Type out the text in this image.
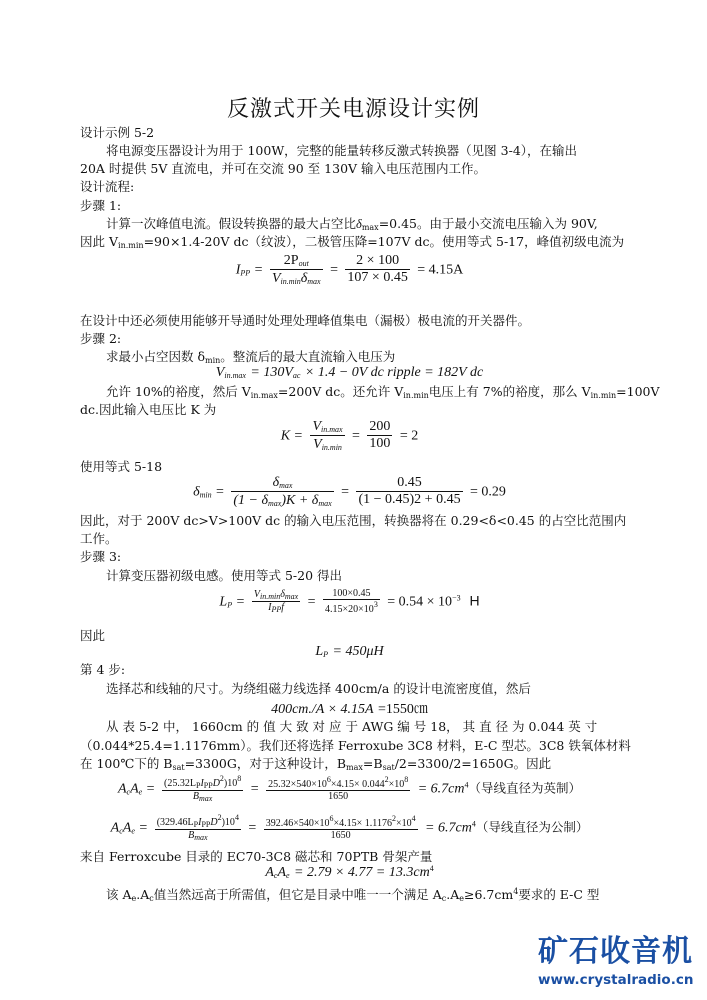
反激式开关电源设计实例
设计示例 5-2
将电源变压器设计为用于 100W，完整的能量转移反激式转换器（见图 3-4），在输出
20A 时提供 5V 直流电，并可在交流 90 至 130V 输入电压范围内工作。
设计流程:
步骤 1:
计算一次峰值电流。假设转换器的最大占空比$\delta_{max}=0.45$。由于最小交流电压输入为 90V,
因此 $V_{in.min}=90\times 1.4-20V$ dc（纹波），二极管压降=107V dc。使用等式 5-17，峰值初级电流为
$I_{PP} = \frac{2P_{out}}{V_{in.min}\delta_{max}} = \frac{2 \times 100}{107 \times 0.45} = 4.15A$
在设计中还必须使用能够开导通时处理处理峰值集电（漏极）极电流的开关器件。
步骤 2:
求最小占空因数 $\delta_{min}$。整流后的最大直流输入电压为
$V_{in.max} = 130V_{ac} \times 1.4 - 0V$ dc ripple = 182V dc
允许 10%的裕度，然后 $V_{in.max}=200V$ dc。还允许 $V_{in.min}$电压上有 7%的裕度，那么 $V_{in.min}=100V$
dc.因此输入电压比 K 为
$K = \frac{V_{in.max}}{V_{in.min}} = \frac{200}{100} = 2$
使用等式 5-18
$\delta_{min} = \frac{\delta_{max}}{(1 - \delta_{max})K + \delta_{max}} = \frac{0.45}{(1 - 0.45)2 + 0.45} = 0.29$
因此，对于 200V dc>V>100V dc 的输入电压范围，转换器将在 0.29<δ<0.45 的占空比范围内
工作。
步骤 3:
计算变压器初级电感。使用等式 5-20 得出
$L_P = \frac{V_{in.min}\delta_{max}}{I_{PP}f} = \frac{100\times 0.45}{4.15\times 20\times 10^3} = 0.54 \times 10^{-3}$ H
因此
$L_P = 450\mu H$
第 4 步:
选择芯和线轴的尺寸。为绕组磁力线选择 400cm/a 的设计电流密度值，然后
400cm./A × 4.15A =1550㎝
从 表 5-2 中， 1660cm 的 值 大 致 对 应 于 AWG 编 号 18， 其 直 径 为 0.044 英 寸
（0.044*25.4=1.1176mm）。我们还将选择 Ferroxube 3C8 材料，E-C 型芯。3C8 铁氧体材料
在 100℃下的 $B_{sat}=3300G$，对于这种设计，$B_{max}=B_{sat}/2=3300/2=1650G$。因此
$A_cA_e = \frac{(25.32L_PI_{PP}D^2)10^8}{B_{max}} = \frac{25.32\times 540\times 10^6\times 4.15\times 0.044^2\times 10^8}{1650} = 6.7cm^4$（导线直径为英制）
$A_cA_e = \frac{(329.46L_PI_{PP}D^2)10^4}{B_{max}} = \frac{392.46\times 540\times 10^6\times 4.15\times 1.1176^2\times 10^4}{1650} = 6.7cm^4$（导线直径为公制）
来自 Ferroxcube 目录的 EC70-3C8 磁芯和 70PTB 骨架产量
$A_cA_e = 2.79 \times 4.77 = 13.3cm^4$
该 $A_e.A_c$值当然远高于所需值，但它是目录中唯一一个满足 $A_c.A_e\ge 6.7cm^4$要求的 E-C 型
矿石收音机
www.crystalradio.cn
